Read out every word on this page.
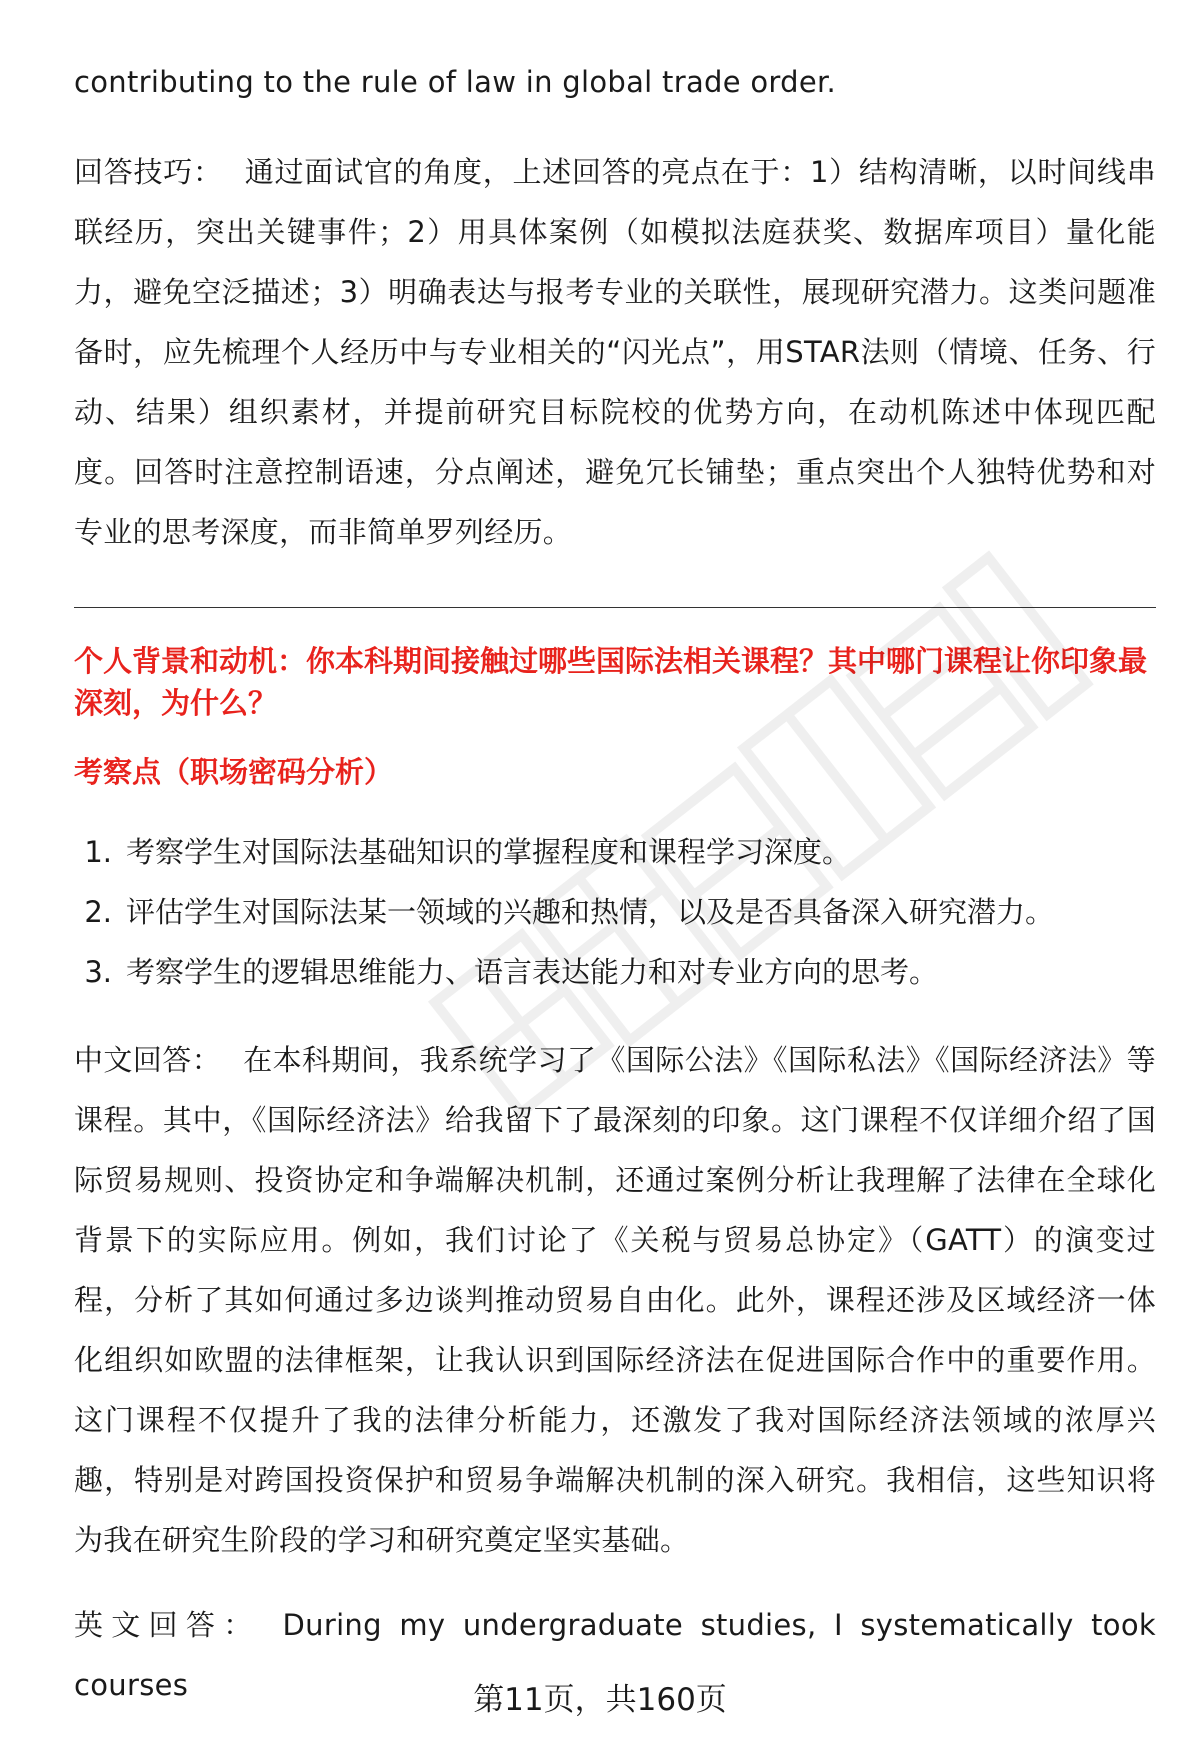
contributing to the rule of law in global trade order.

回答技巧： 通过面试官的角度，上述回答的亮点在于：1）结构清晰，以时间线串联经历，突出关键事件；2）用具体案例（如模拟法庭获奖、数据库项目）量化能力，避免空泛描述；3）明确表达与报考专业的关联性，展现研究潜力。这类问题准备时，应先梳理个人经历中与专业相关的“闪光点”，用STAR法则（情境、任务、行动、结果）组织素材，并提前研究目标院校的优势方向，在动机陈述中体现匹配度。回答时注意控制语速，分点阐述，避免冗长铺垫；重点突出个人独特优势和对专业的思考深度，而非简单罗列经历。

个人背景和动机：你本科期间接触过哪些国际法相关课程？其中哪门课程让你印象最深刻，为什么？
考察点（职场密码分析）
1. 考察学生对国际法基础知识的掌握程度和课程学习深度。
2. 评估学生对国际法某一领域的兴趣和热情，以及是否具备深入研究潜力。
3. 考察学生的逻辑思维能力、语言表达能力和对专业方向的思考。

中文回答： 在本科期间，我系统学习了《国际公法》《国际私法》《国际经济法》等课程。其中，《国际经济法》给我留下了最深刻的印象。这门课程不仅详细介绍了国际贸易规则、投资协定和争端解决机制，还通过案例分析让我理解了法律在全球化背景下的实际应用。例如，我们讨论了《关税与贸易总协定》（GATT）的演变过程，分析了其如何通过多边谈判推动贸易自由化。此外，课程还涉及区域经济一体化组织如欧盟的法律框架，让我认识到国际经济法在促进国际合作中的重要作用。这门课程不仅提升了我的法律分析能力，还激发了我对国际经济法领域的浓厚兴趣，特别是对跨国投资保护和贸易争端解决机制的深入研究。我相信，这些知识将为我在研究生阶段的学习和研究奠定坚实基础。

英文回答： During my undergraduate studies, I systematically took courses	第11页，共160页
